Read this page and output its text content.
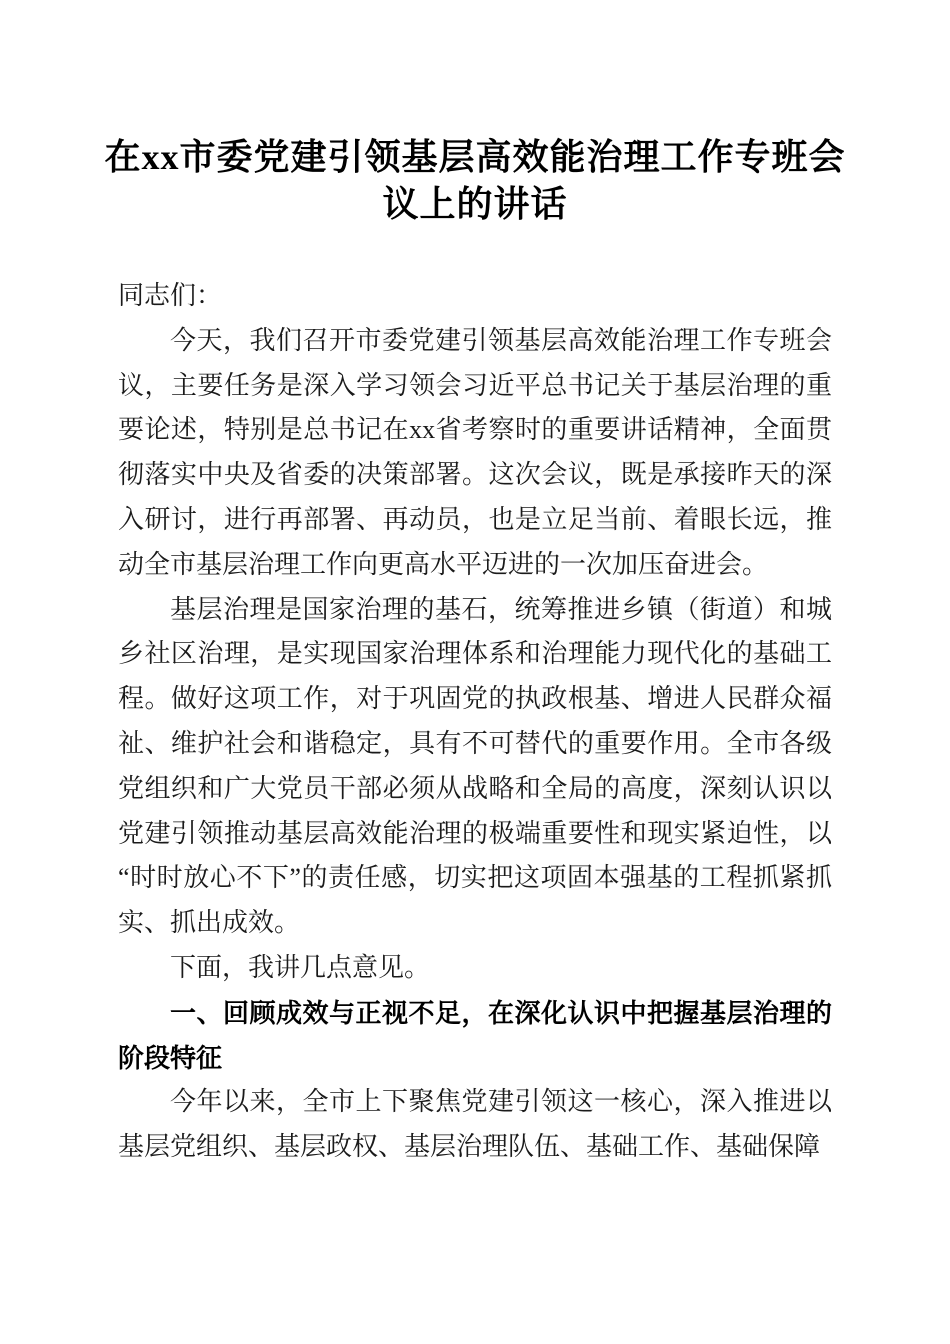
在xx市委党建引领基层高效能治理工作专班会议上的讲话

同志们：

今天，我们召开市委党建引领基层高效能治理工作专班会议，主要任务是深入学习领会习近平总书记关于基层治理的重要论述，特别是总书记在xx省考察时的重要讲话精神，全面贯彻落实中央及省委的决策部署。这次会议，既是承接昨天的深入研讨，进行再部署、再动员，也是立足当前、着眼长远，推动全市基层治理工作向更高水平迈进的一次加压奋进会。

基层治理是国家治理的基石，统筹推进乡镇（街道）和城乡社区治理，是实现国家治理体系和治理能力现代化的基础工程。做好这项工作，对于巩固党的执政根基、增进人民群众福祉、维护社会和谐稳定，具有不可替代的重要作用。全市各级党组织和广大党员干部必须从战略和全局的高度，深刻认识以党建引领推动基层高效能治理的极端重要性和现实紧迫性，以“时时放心不下”的责任感，切实把这项固本强基的工程抓紧抓实、抓出成效。

下面，我讲几点意见。

一、回顾成效与正视不足，在深化认识中把握基层治理的阶段特征

今年以来，全市上下聚焦党建引领这一核心，深入推进以基层党组织、基层政权、基层治理队伍、基础工作、基础保障
